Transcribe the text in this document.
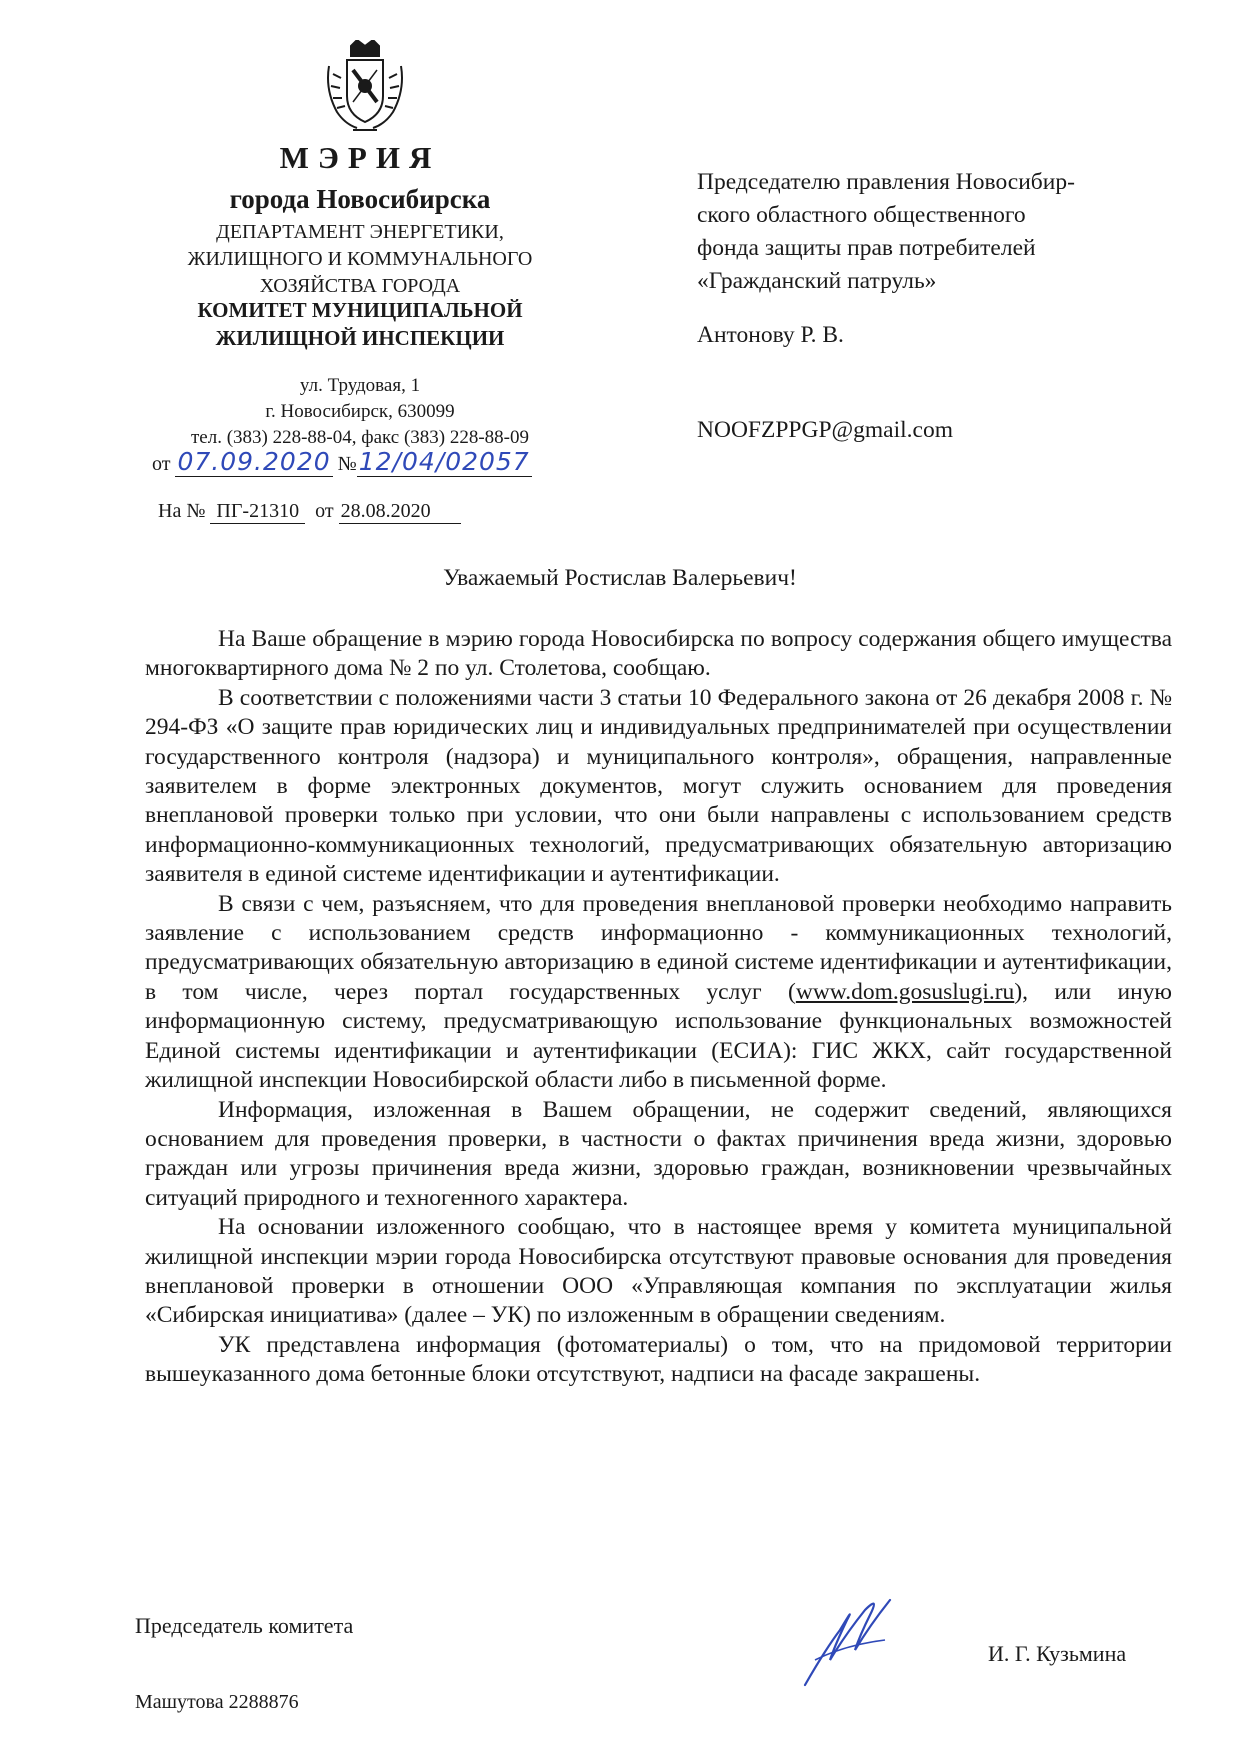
МЭРИЯ
города Новосибирска
ДЕПАРТАМЕНТ ЭНЕРГЕТИКИ,
ЖИЛИЩНОГО И КОММУНАЛЬНОГО
ХОЗЯЙСТВА ГОРОДА
КОМИТЕТ МУНИЦИПАЛЬНОЙ
ЖИЛИЩНОЙ ИНСПЕКЦИИ
ул. Трудовая, 1
г. Новосибирск, 630099
тел. (383) 228-88-04, факс (383) 228-88-09
от 07.09.2020 №12/04/02057
На № ПГ-21310 от 28.08.2020
Председателю правления Новосибир-
ского областного общественного
фонда защиты прав потребителей
«Гражданский патруль»
Антонову Р. В.
NOOFZPPGP@gmail.com
Уважаемый Ростислав Валерьевич!

На Ваше обращение в мэрию города Новосибирска по вопросу содержания общего имущества многоквартирного дома № 2 по ул. Столетова, сообщаю.

В соответствии с положениями части 3 статьи 10 Федерального закона от 26 декабря 2008 г. № 294-ФЗ «О защите прав юридических лиц и индивидуальных предпринимателей при осуществлении государственного контроля (надзора) и муниципального контроля», обращения, направленные заявителем в форме электронных документов, могут служить основанием для проведения внеплановой проверки только при условии, что они были направлены с использованием средств информационно-коммуникационных технологий, предусматривающих обязательную авторизацию заявителя в единой системе идентификации и аутентификации.

В связи с чем, разъясняем, что для проведения внеплановой проверки необходимо направить заявление с использованием средств информационно - коммуникационных технологий, предусматривающих обязательную авторизацию в единой системе идентификации и аутентификации, в том числе, через портал государственных услуг (www.dom.gosuslugi.ru), или иную информационную систему, предусматривающую использование функциональных возможностей Единой системы идентификации и аутентификации (ЕСИА): ГИС ЖКХ, сайт государственной жилищной инспекции Новосибирской области либо в письменной форме.

Информация, изложенная в Вашем обращении, не содержит сведений, являющихся основанием для проведения проверки, в частности о фактах причинения вреда жизни, здоровью граждан или угрозы причинения вреда жизни, здоровью граждан, возникновении чрезвычайных ситуаций природного и техногенного характера.

На основании изложенного сообщаю, что в настоящее время у комитета муниципальной жилищной инспекции мэрии города Новосибирска отсутствуют правовые основания для проведения внеплановой проверки в отношении ООО «Управляющая компания по эксплуатации жилья «Сибирская инициатива» (далее – УК) по изложенным в обращении сведениям.

УК представлена информация (фотоматериалы) о том, что на придомовой территории вышеуказанного дома бетонные блоки отсутствуют, надписи на фасаде закрашены.

Председатель комитета
И. Г. Кузьмина
Машутова 2288876
